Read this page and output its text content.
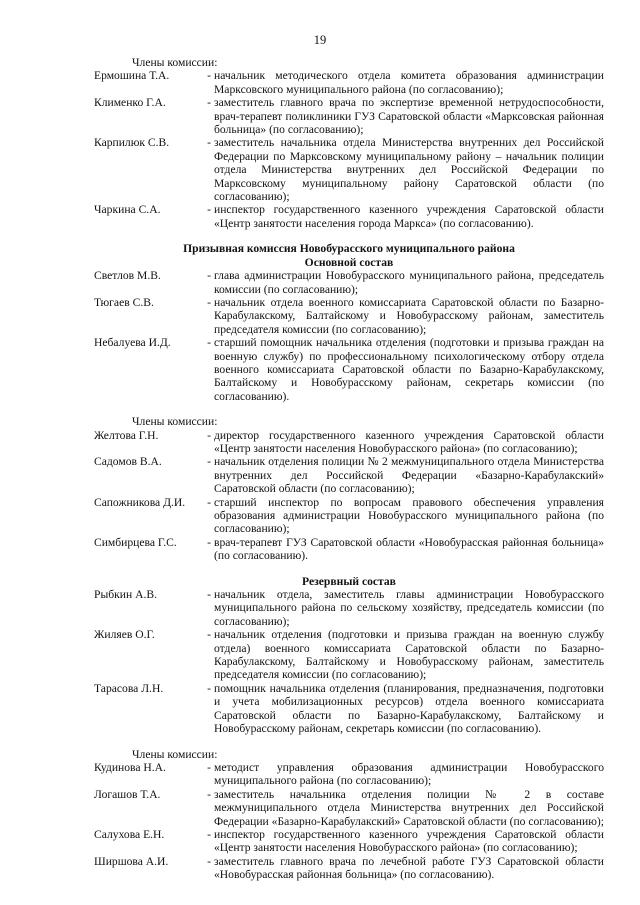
19
Члены комиссии:
Ермошина Т.А.	- начальник методического отдела комитета образования администрации Марксовского муниципального района (по согласованию);
Клименко Г.А.	- заместитель главного врача по экспертизе временной нетрудоспособности, врач-терапевт поликлиники ГУЗ Саратовской области «Марксовская районная больница» (по согласованию);
Карпилюк С.В.	- заместитель начальника отдела Министерства внутренних дел Российской Федерации по Марксовскому муниципальному району – начальник полиции отдела Министерства внутренних дел Российской Федерации по Марксовскому муниципальному району Саратовской области (по согласованию);
Чаркина С.А.	- инспектор государственного казенного учреждения Саратовской области «Центр занятости населения города Маркса» (по согласованию).
Призывная комиссия Новобурасского муниципального района
Основной состав
Светлов М.В.	- глава администрации Новобурасского муниципального района, председатель комиссии (по согласованию);
Тюгаев С.В.	- начальник отдела военного комиссариата Саратовской области по Базарно-Карабулакскому, Балтайскому и Новобурасскому районам, заместитель председателя комиссии (по согласованию);
Небалуева И.Д.	- старший помощник начальника отделения (подготовки и призыва граждан на военную службу) по профессиональному психологическому отбору отдела военного комиссариата Саратовской области по Базарно-Карабулакскому, Балтайскому и Новобурасскому районам, секретарь комиссии (по согласованию).
Члены комиссии:
Желтова Г.Н.	- директор государственного казенного учреждения Саратовской области «Центр занятости населения Новобурасского района» (по согласованию);
Садомов В.А.	- начальник отделения полиции № 2 межмуниципального отдела Министерства внутренних дел Российской Федерации «Базарно-Карабулакский» Саратовской области (по согласованию);
Сапожникова Д.И.	- старший инспектор по вопросам правового обеспечения управления образования администрации Новобурасского муниципального района (по согласованию);
Симбирцева Г.С.	- врач-терапевт ГУЗ Саратовской области «Новобурасская районная больница» (по согласованию).
Резервный состав
Рыбкин А.В.	- начальник отдела, заместитель главы администрации Новобурасского муниципального района по сельскому хозяйству, председатель комиссии (по согласованию);
Жиляев О.Г.	- начальник отделения (подготовки и призыва граждан на военную службу отдела) военного комиссариата Саратовской области по Базарно-Карабулакскому, Балтайскому и Новобурасскому районам, заместитель председателя комиссии (по согласованию);
Тарасова Л.Н.	- помощник начальника отделения (планирования, предназначения, подготовки и учета мобилизационных ресурсов) отдела военного комиссариата Саратовской области по Базарно-Карабулакскому, Балтайскому и Новобурасскому районам, секретарь комиссии (по согласованию).
Члены комиссии:
Кудинова Н.А.	- методист управления образования администрации Новобурасского муниципального района (по согласованию);
Логашов Т.А.	- заместитель начальника отделения полиции № 2 в составе межмуниципального отдела Министерства внутренних дел Российской Федерации «Базарно-Карабулакский» Саратовской области (по согласованию);
Салухова Е.Н.	- инспектор государственного казенного учреждения Саратовской области «Центр занятости населения Новобурасского района» (по согласованию);
Ширшова А.И.	- заместитель главного врача по лечебной работе ГУЗ Саратовской области «Новобурасская районная больница» (по согласованию).
